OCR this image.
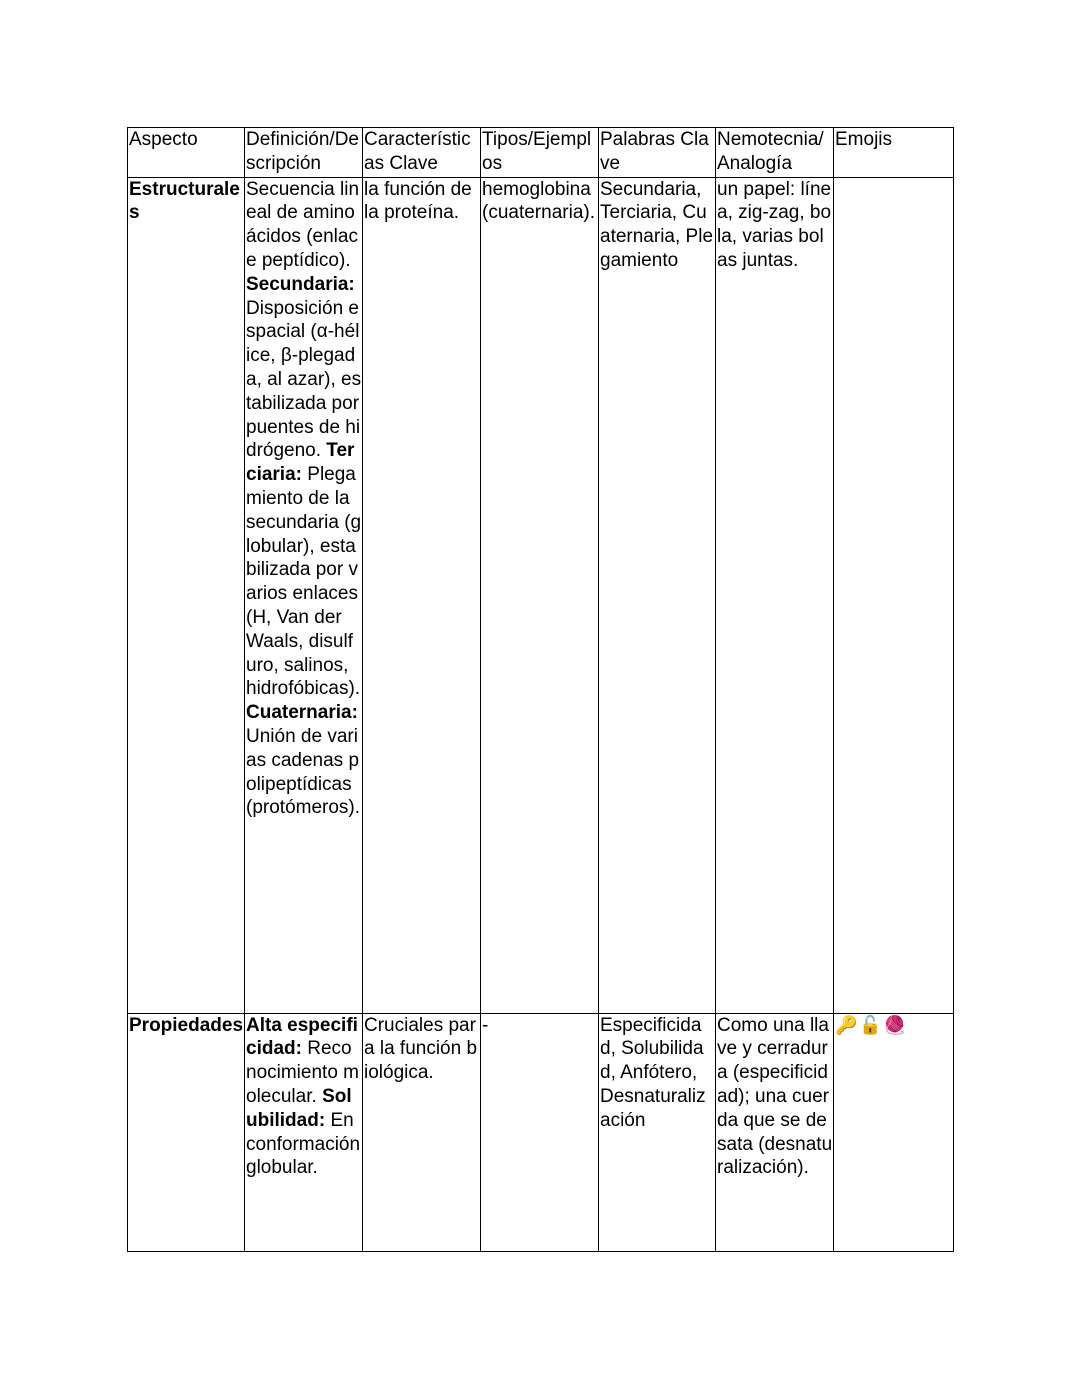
Aspecto	Definición/Descripción	Características Clave	Tipos/Ejemplos	Palabras Clave	Nemotecnia/Analogía	Emojis
Estructurales	Secuencia lineal de aminoácidos (enlace peptídico). Secundaria: Disposición espacial (α-hélice, β-plegada, al azar), estabilizada por puentes de hidrógeno. Terciaria: Plegamiento de la secundaria (globular), estabilizada por varios enlaces (H, Van der Waals, disulfuro, salinos, hidrofóbicas). Cuaternaria: Unión de varias cadenas polipeptídicas (protómeros).	la función de la proteína.	hemoglobina (cuaternaria).	Secundaria, Terciaria, Cuaternaria, Plegamiento	un papel: línea, zig-zag, bola, varias bolas juntas.	
Propiedades	Alta especificidad: Reconocimiento molecular. Solubilidad: En conformación globular.	Cruciales para la función biológica.	-	Especificidad, Solubilidad, Anfótero, Desnaturalización	Como una llave y cerradura (especificidad); una cuerda que se desata (desnaturalización).	🔑🔓🧶
